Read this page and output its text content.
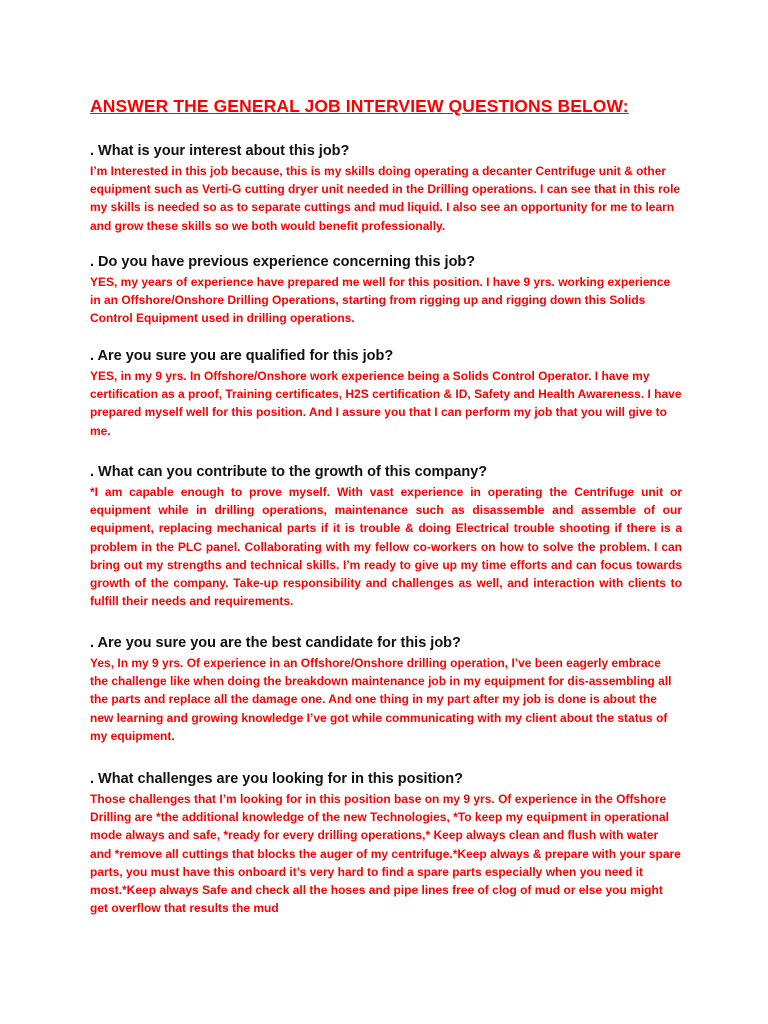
ANSWER THE GENERAL JOB INTERVIEW QUESTIONS BELOW:

. What is your interest about this job?

I’m Interested in this job because, this is my skills doing operating a decanter Centrifuge unit & other equipment such as Verti-G cutting dryer unit needed in the Drilling operations. I can see that in this role my skills is needed so as to separate cuttings and mud liquid. I also see an opportunity for me to learn and grow these skills so we both would benefit professionally.

. Do you have previous experience concerning this job?

YES, my years of experience have prepared me well for this position. I have 9 yrs. working experience in an Offshore/Onshore Drilling Operations, starting from rigging up and rigging down this Solids Control Equipment used in drilling operations.

. Are you sure you are qualified for this job?

YES, in my 9 yrs. In Offshore/Onshore work experience being a Solids Control Operator. I have my certification as a proof, Training certificates, H2S certification & ID, Safety and Health Awareness. I have prepared myself well for this position. And I assure you that I can perform my job that you will give to me.

. What can you contribute to the growth of this company?

*I am capable enough to prove myself. With vast experience in operating the Centrifuge unit or equipment while in drilling operations, maintenance such as disassemble and assemble of our equipment, replacing mechanical parts if it is trouble & doing Electrical trouble shooting if there is a problem in the PLC panel. Collaborating with my fellow co-workers on how to solve the problem. I can bring out my strengths and technical skills. I’m ready to give up my time efforts and can focus towards growth of the company. Take-up responsibility and challenges as well, and interaction with clients to fulfill their needs and requirements.

. Are you sure you are the best candidate for this job?

Yes, In my 9 yrs. Of experience in an Offshore/Onshore drilling operation, I’ve been eagerly embrace the challenge like when doing the breakdown maintenance job in my equipment for dis-assembling all the parts and replace all the damage one. And one thing in my part after my job is done is about the new learning and growing knowledge I’ve got while communicating with my client about the status of my equipment.

. What challenges are you looking for in this position?

Those challenges that I’m looking for in this position base on my 9 yrs. Of experience in the Offshore Drilling are *the additional knowledge of the new Technologies, *To keep my equipment in operational mode always and safe, *ready for every drilling operations,* Keep always clean and flush with water and *remove all cuttings that blocks the auger of my centrifuge.*Keep always & prepare with your spare parts, you must have this onboard it’s very hard to find a spare parts especially when you need it most.*Keep always Safe and check all the hoses and pipe lines free of clog of mud or else you might get overflow that results the mud
